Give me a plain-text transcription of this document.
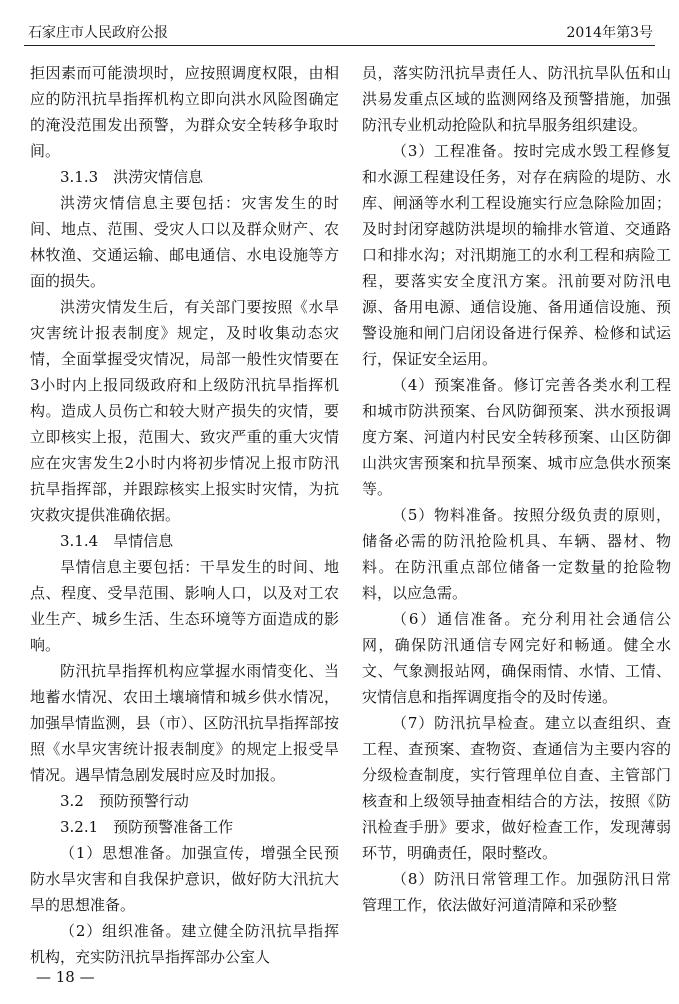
石家庄市人民政府公报	2014年第3号

拒因素而可能溃坝时，应按照调度权限，由相应的防汛抗旱指挥机构立即向洪水风险图确定的淹没范围发出预警，为群众安全转移争取时间。

3.1.3　洪涝灾情信息

洪涝灾情信息主要包括：灾害发生的时间、地点、范围、受灾人口以及群众财产、农林牧渔、交通运输、邮电通信、水电设施等方面的损失。

洪涝灾情发生后，有关部门要按照《水旱灾害统计报表制度》规定，及时收集动态灾情，全面掌握受灾情况，局部一般性灾情要在3小时内上报同级政府和上级防汛抗旱指挥机构。造成人员伤亡和较大财产损失的灾情，要立即核实上报，范围大、致灾严重的重大灾情应在灾害发生2小时内将初步情况上报市防汛抗旱指挥部，并跟踪核实上报实时灾情，为抗灾救灾提供准确依据。

3.1.4　旱情信息

旱情信息主要包括：干旱发生的时间、地点、程度、受旱范围、影响人口，以及对工农业生产、城乡生活、生态环境等方面造成的影响。

防汛抗旱指挥机构应掌握水雨情变化、当地蓄水情况、农田土壤墒情和城乡供水情况，加强旱情监测，县（市）、区防汛抗旱指挥部按照《水旱灾害统计报表制度》的规定上报受旱情况。遇旱情急剧发展时应及时加报。

3.2　预防预警行动

3.2.1　预防预警准备工作

（1）思想准备。加强宣传，增强全民预防水旱灾害和自我保护意识，做好防大汛抗大旱的思想准备。

（2）组织准备。建立健全防汛抗旱指挥机构，充实防汛抗旱指挥部办公室人

员，落实防汛抗旱责任人、防汛抗旱队伍和山洪易发重点区域的监测网络及预警措施，加强防汛专业机动抢险队和抗旱服务组织建设。

（3）工程准备。按时完成水毁工程修复和水源工程建设任务，对存在病险的堤防、水库、闸涵等水利工程设施实行应急除险加固；及时封闭穿越防洪堤坝的输排水管道、交通路口和排水沟；对汛期施工的水利工程和病险工程，要落实安全度汛方案。汛前要对防汛电源、备用电源、通信设施、备用通信设施、预警设施和闸门启闭设备进行保养、检修和试运行，保证安全运用。

（4）预案准备。修订完善各类水利工程和城市防洪预案、台风防御预案、洪水预报调度方案、河道内村民安全转移预案、山区防御山洪灾害预案和抗旱预案、城市应急供水预案等。

（5）物料准备。按照分级负责的原则，储备必需的防汛抢险机具、车辆、器材、物料。在防汛重点部位储备一定数量的抢险物料，以应急需。

（6）通信准备。充分利用社会通信公网，确保防汛通信专网完好和畅通。健全水文、气象测报站网，确保雨情、水情、工情、灾情信息和指挥调度指令的及时传递。

（7）防汛抗旱检查。建立以查组织、查工程、查预案、查物资、查通信为主要内容的分级检查制度，实行管理单位自查、主管部门核查和上级领导抽查相结合的方法，按照《防汛检查手册》要求，做好检查工作，发现薄弱环节，明确责任，限时整改。

（8）防汛日常管理工作。加强防汛日常管理工作，依法做好河道清障和采砂整

— 18 —
